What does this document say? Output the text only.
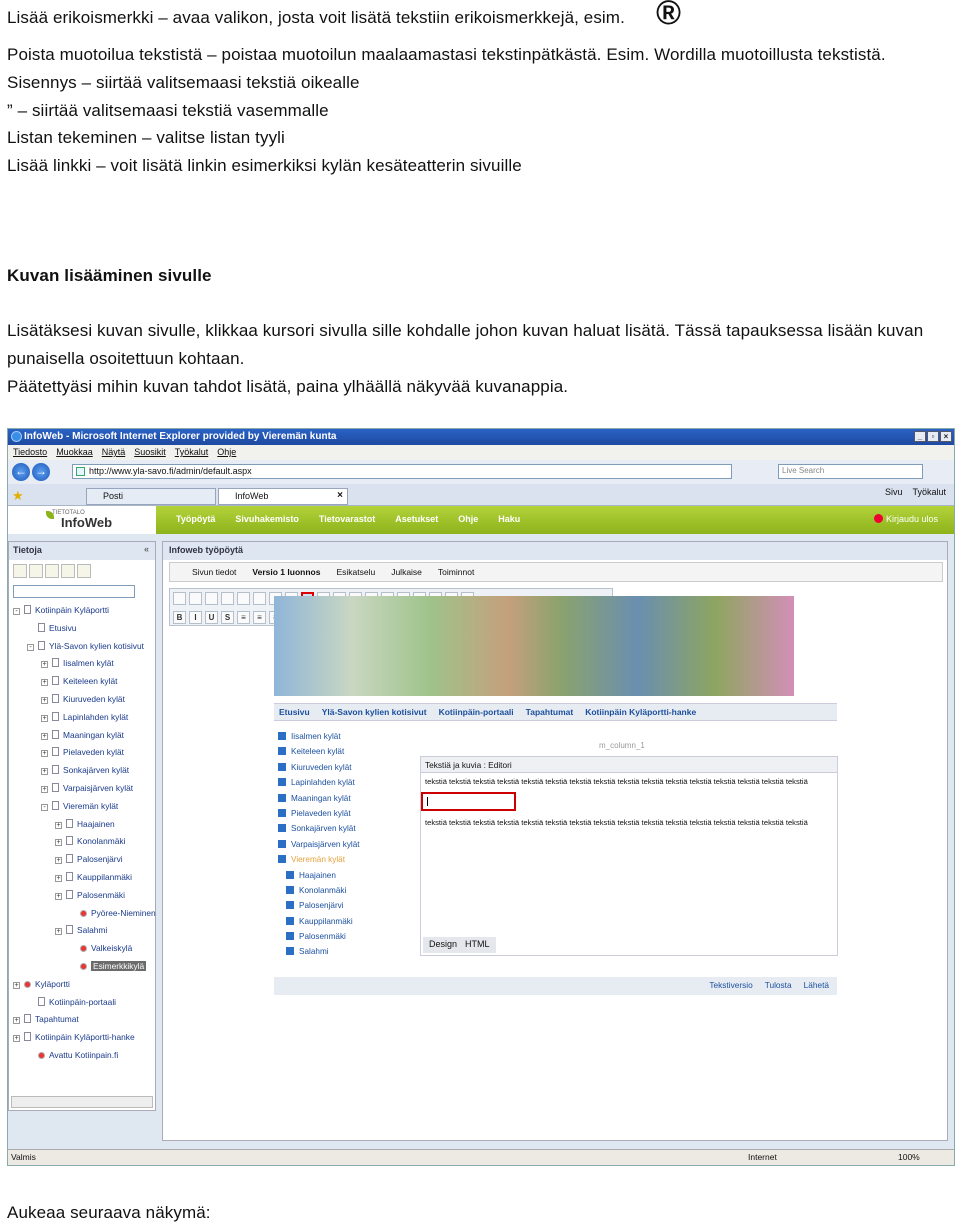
Lisää erikoismerkki – avaa valikon, josta voit lisätä tekstiin erikoismerkkejä, esim. ®
Poista muotoilua tekstistä – poistaa muotoilun maalaamastasi tekstinpätkästä. Esim. Wordilla muotoillusta tekstistä.
Sisennys – siirtää valitsemaasi tekstiä oikealle
” – siirtää valitsemaasi tekstiä vasemmalle
Listan tekeminen – valitse listan tyyli
Lisää linkki – voit lisätä linkin esimerkiksi kylän kesäteatterin sivuille
Kuvan lisääminen sivulle
Lisätäksesi kuvan sivulle, klikkaa kursori sivulla sille kohdalle johon kuvan haluat lisätä. Tässä tapauksessa lisään kuvan
punaisella osoitettuun kohtaan.
Päätettyäsi mihin kuvan tahdot lisätä, paina ylhäällä näkyvää kuvanappia.
Aukeaa seuraava näkymä:
InfoWeb - Microsoft Internet Explorer provided by Vieremän kunta	_	▫	×
Tiedosto Muokkaa Näytä Suosikit Työkalut Ohje
← →	http://www.yla-savo.fi/admin/default.aspx	Live Search
★	Posti	InfoWeb	×	Sivu Työkalut
TIETOTALO
InfoWeb	Työpöytä Sivuhakemisto Tietovarastot Asetukset Ohje Haku	Kirjaudu ulos
Tietoja	«
- Kotiinpäin Kyläportti
Etusivu
- Ylä-Savon kylien kotisivut
+ Iisalmen kylät
+ Keiteleen kylät
+ Kiuruveden kylät
+ Lapinlahden kylät
+ Maaningan kylät
+ Pielaveden kylät
+ Sonkajärven kylät
+ Varpaisjärven kylät
- Vieremän kylät
+ Haajainen
+ Konolanmäki
+ Palosenjärvi
+ Kauppilanmäki
+ Palosenmäki
Pyöree-Nieminen
+ Salahmi
Valkeiskylä
Esimerkkikylä
+ Kyläportti
Kotiinpäin-portaali
+ Tapahtumat
+ Kotiinpäin Kyläportti-hanke
Avattu Kotiinpain.fi
Infoweb työpöytä
Sivun tiedot Versio 1 luonnos Esikatselu Julkaise Toiminnot
B	I	U	S	≡	≡
Etusivu Ylä-Savon kylien kotisivut Kotiinpäin-portaali Tapahtumat Kotiinpäin Kyläportti-hanke
Iisalmen kylät
Keiteleen kylät
Kiuruveden kylät
Lapinlahden kylät
Maaningan kylät
Pielaveden kylät
Sonkajärven kylät
Varpaisjärven kylät
Vieremän kylät
Haajainen
Konolanmäki
Palosenjärvi
Kauppilanmäki
Palosenmäki
Salahmi
m_column_1
Tekstiä ja kuvia : Editori
tekstiä tekstiä tekstiä tekstiä tekstiä tekstiä tekstiä tekstiä tekstiä tekstiä tekstiä tekstiä tekstiä tekstiä tekstiä tekstiä
tekstiä tekstiä tekstiä tekstiä tekstiä tekstiä tekstiä tekstiä tekstiä tekstiä tekstiä tekstiä tekstiä tekstiä tekstiä tekstiä
Design HTML
Tekstiversio Tulosta Lähetä
Valmis	Internet	100%
